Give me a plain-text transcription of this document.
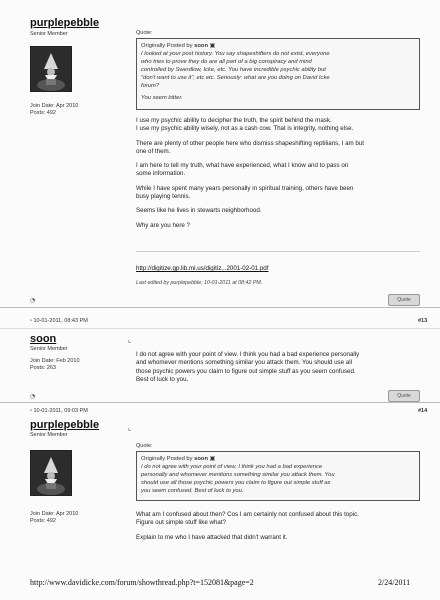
purplepebble
Senior Member
Join Date: Apr 2010
Posts: 492
Quote:
Originally Posted by soon ▣
I looked at your post history. You say shapeshifters do not exist, everyone
who tries to prove they do are all part of a big conspiracy and mind
controlled by Swerdlow, Icke, etc. You have incredible psychic ability but
"don't want to use it", etc etc. Seriously: what are you doing on David Icke
forum?
You seem bitter.
I use my psychic ability to decipher the truth, the spirit behind the mask.
I use my psychic ability wisely, not as a cash cow. That is integrity, nothing else.
There are plenty of other people here who dismiss shapeshifting reptilians, I am but
one of them.
I am here to tell my truth, what have experienced, what I know and to pass on
some information.
While I have spent many years personally in spiritual training, others have been
busy playing tennis.
Seems like he lives in stewarts neighborhood.
Why are you here ?
http://digitize.gp.lib.mi.us/digitiz...2001-02-01.pdf
Last edited by purplepebble; 10-01-2011 at 08:42 PM.
◔	Quote
▫ 10-01-2011, 08:43 PM	#13
soon
Senior Member
Join Date: Feb 2010
Posts: 263
⌞
I do not agree with your point of view. I think you had a bad experience personally
and whomever mentions something similar you attack them. You should use all
those psychic powers you claim to figure out simple stuff as you seem confused.
Best of luck to you.
◔	Quote
▫ 10-01-2011, 09:03 PM	#14
purplepebble
Senior Member
Join Date: Apr 2010
Posts: 492
⌞
Quote:
Originally Posted by soon ▣
I do not agree with your point of view. I think you had a bad experience
personally and whomever mentions something similar you attack them. You
should use all those psychic powers you claim to figure out simple stuff as
you seem confused. Best of luck to you.
What am I confused about then? Cos I am certainly not confused about this topic.
Figure out simple stuff like what?
Explain to me who I have attacked that didn't warrant it.
http://www.davidicke.com/forum/showthread.php?t=152081&page=2	2/24/2011
